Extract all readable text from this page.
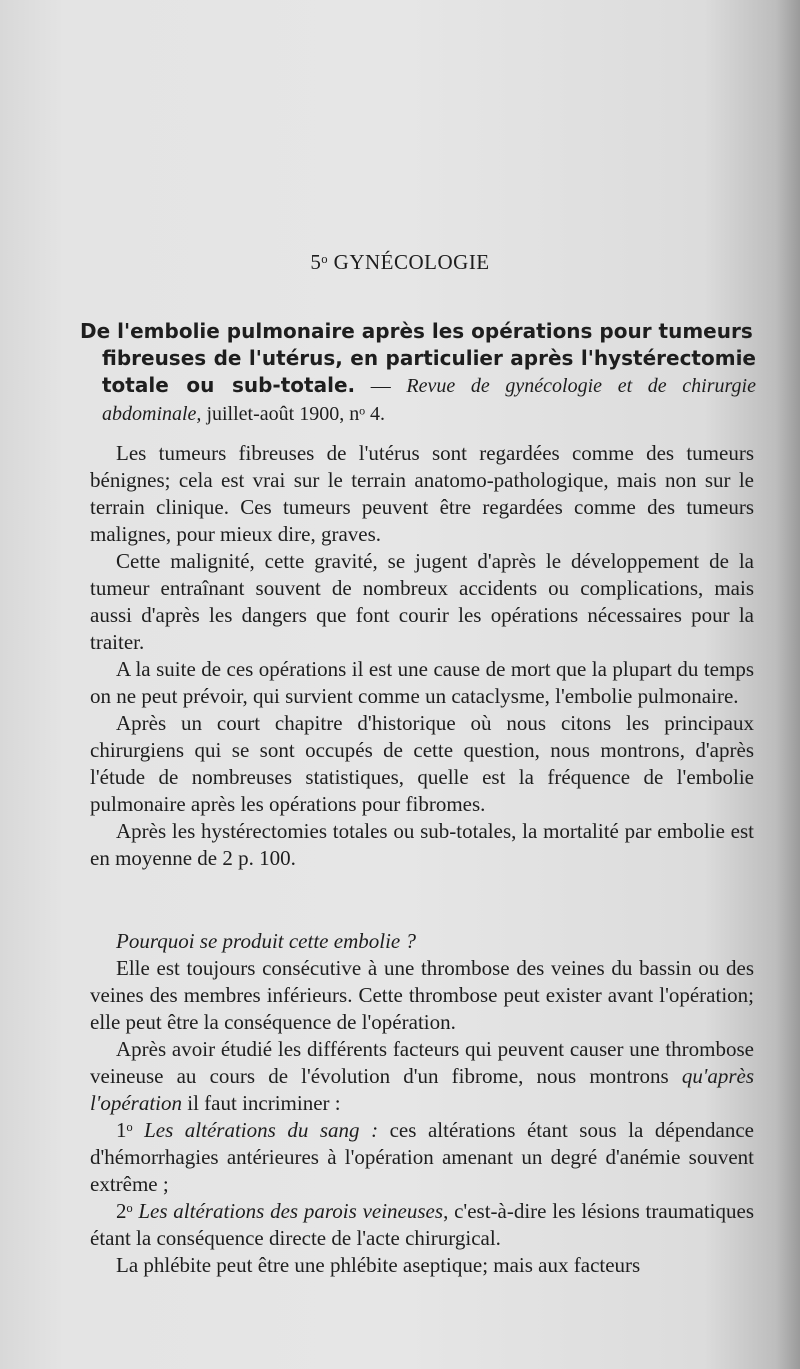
5ᵒ GYNÉCOLOGIE
De l'embolie pulmonaire après les opérations pour tumeurs
fibreuses de l'utérus, en particulier après l'hystérectomie totale ou sub-totale. — Revue de gynécologie et de chirurgie abdominale, juillet-août 1900, nᵒ 4.

Les tumeurs fibreuses de l'utérus sont regardées comme des tumeurs bénignes; cela est vrai sur le terrain anatomo-pathologique, mais non sur le terrain clinique. Ces tumeurs peuvent être regardées comme des tumeurs malignes, pour mieux dire, graves.

Cette malignité, cette gravité, se jugent d'après le développement de la tumeur entraînant souvent de nombreux accidents ou complications, mais aussi d'après les dangers que font courir les opérations nécessaires pour la traiter.

A la suite de ces opérations il est une cause de mort que la plupart du temps on ne peut prévoir, qui survient comme un cataclysme, l'embolie pulmonaire.

Après un court chapitre d'historique où nous citons les principaux chirurgiens qui se sont occupés de cette question, nous montrons, d'après l'étude de nombreuses statistiques, quelle est la fréquence de l'embolie pulmonaire après les opérations pour fibromes.

Après les hystérectomies totales ou sub-totales, la mortalité par embolie est en moyenne de 2 p. 100.

Pourquoi se produit cette embolie ?

Elle est toujours consécutive à une thrombose des veines du bassin ou des veines des membres inférieurs. Cette thrombose peut exister avant l'opération; elle peut être la conséquence de l'opération.

Après avoir étudié les différents facteurs qui peuvent causer une thrombose veineuse au cours de l'évolution d'un fibrome, nous montrons qu'après l'opération il faut incriminer :

1ᵒ Les altérations du sang : ces altérations étant sous la dépendance d'hémorrhagies antérieures à l'opération amenant un degré d'anémie souvent extrême ;

2ᵒ Les altérations des parois veineuses, c'est-à-dire les lésions traumatiques étant la conséquence directe de l'acte chirurgical.

La phlébite peut être une phlébite aseptique; mais aux facteurs
